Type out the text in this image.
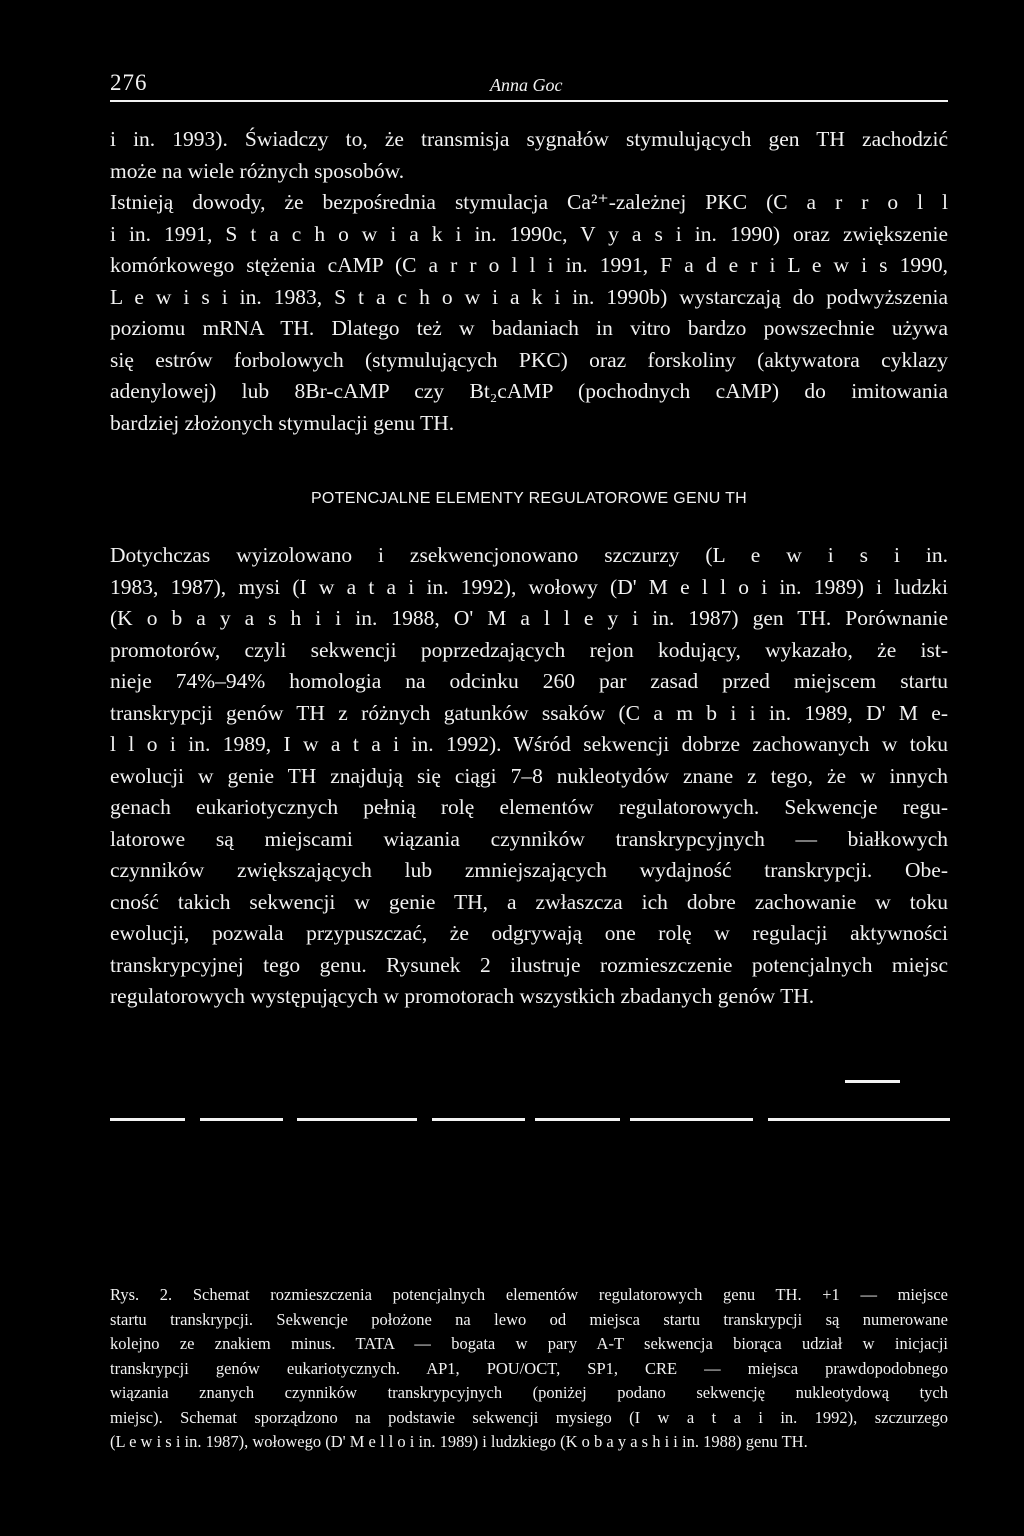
276	Anna Goc

i in. 1993). Świadczy to, że transmisja sygnałów stymulujących gen TH zachodzić
może na wiele różnych sposobów.
Istnieją dowody, że bezpośrednia stymulacja Ca²⁺-zależnej PKC (C a r r o l l
i in. 1991, S t a c h o w i a k i in. 1990c, V y a s i in. 1990) oraz zwiększenie
komórkowego stężenia cAMP (C a r r o l l i in. 1991, F a d e r i L e w i s 1990,
L e w i s i in. 1983, S t a c h o w i a k i in. 1990b) wystarczają do podwyższenia
poziomu mRNA TH. Dlatego też w badaniach in vitro bardzo powszechnie używa
się estrów forbolowych (stymulujących PKC) oraz forskoliny (aktywatora cyklazy
adenylowej) lub 8Br-cAMP czy Bt₂cAMP (pochodnych cAMP) do imitowania
bardziej złożonych stymulacji genu TH.

POTENCJALNE ELEMENTY REGULATOROWE GENU TH

Dotychczas wyizolowano i zsekwencjonowano szczurzy (L e w i s i in.
1983, 1987), mysi (I w a t a i in. 1992), wołowy (D' M e l l o i in. 1989) i ludzki
(K o b a y a s h i i in. 1988, O' M a l l e y i in. 1987) gen TH. Porównanie
promotorów, czyli sekwencji poprzedzających rejon kodujący, wykazało, że ist-
nieje 74%–94% homologia na odcinku 260 par zasad przed miejscem startu
transkrypcji genów TH z różnych gatunków ssaków (C a m b i i in. 1989, D' M e-
l l o i in. 1989, I w a t a i in. 1992). Wśród sekwencji dobrze zachowanych w toku
ewolucji w genie TH znajdują się ciągi 7–8 nukleotydów znane z tego, że w innych
genach eukariotycznych pełnią rolę elementów regulatorowych. Sekwencje regu-
latorowe są miejscami wiązania czynników transkrypcyjnych — białkowych
czynników zwiększających lub zmniejszających wydajność transkrypcji. Obe-
cność takich sekwencji w genie TH, a zwłaszcza ich dobre zachowanie w toku
ewolucji, pozwala przypuszczać, że odgrywają one rolę w regulacji aktywności
transkrypcyjnej tego genu. Rysunek 2 ilustruje rozmieszczenie potencjalnych miejsc
regulatorowych występujących w promotorach wszystkich zbadanych genów TH.

Rys. 2. Schemat rozmieszczenia potencjalnych elementów regulatorowych genu TH. +1 — miejsce
startu transkrypcji. Sekwencje położone na lewo od miejsca startu transkrypcji są numerowane
kolejno ze znakiem minus. TATA — bogata w pary A-T sekwencja biorąca udział w inicjacji
transkrypcji genów eukariotycznych. AP1, POU/OCT, SP1, CRE — miejsca prawdopodobnego
wiązania znanych czynników transkrypcyjnych (poniżej podano sekwencję nukleotydową tych
miejsc). Schemat sporządzono na podstawie sekwencji mysiego (I w a t a i in. 1992), szczurzego
(L e w i s i in. 1987), wołowego (D' M e l l o i in. 1989) i ludzkiego (K o b a y a s h i i in. 1988) genu TH.
